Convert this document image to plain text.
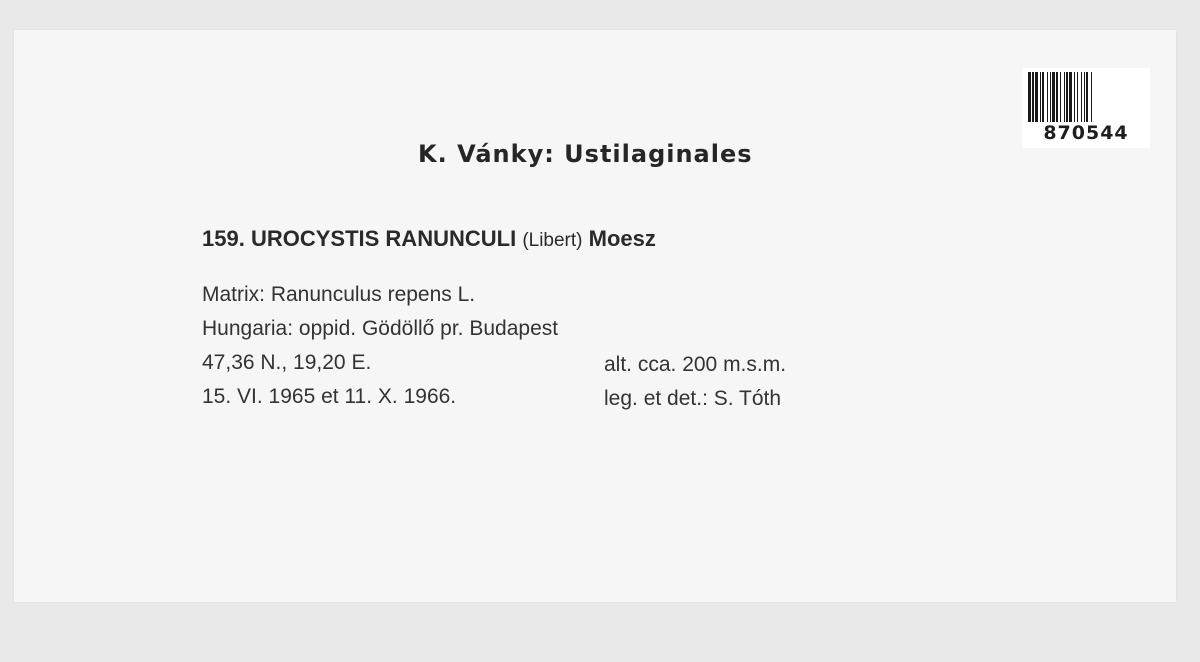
870544
K. Vánky: Ustilaginales
159. UROCYSTIS RANUNCULI (Libert) Moesz
Matrix: Ranunculus repens L.
Hungaria: oppid. Gödöllő pr. Budapest
47,36 N., 19,20 E.	alt. cca. 200 m.s.m.
15. VI. 1965 et 11. X. 1966.	leg. et det.: S. Tóth
